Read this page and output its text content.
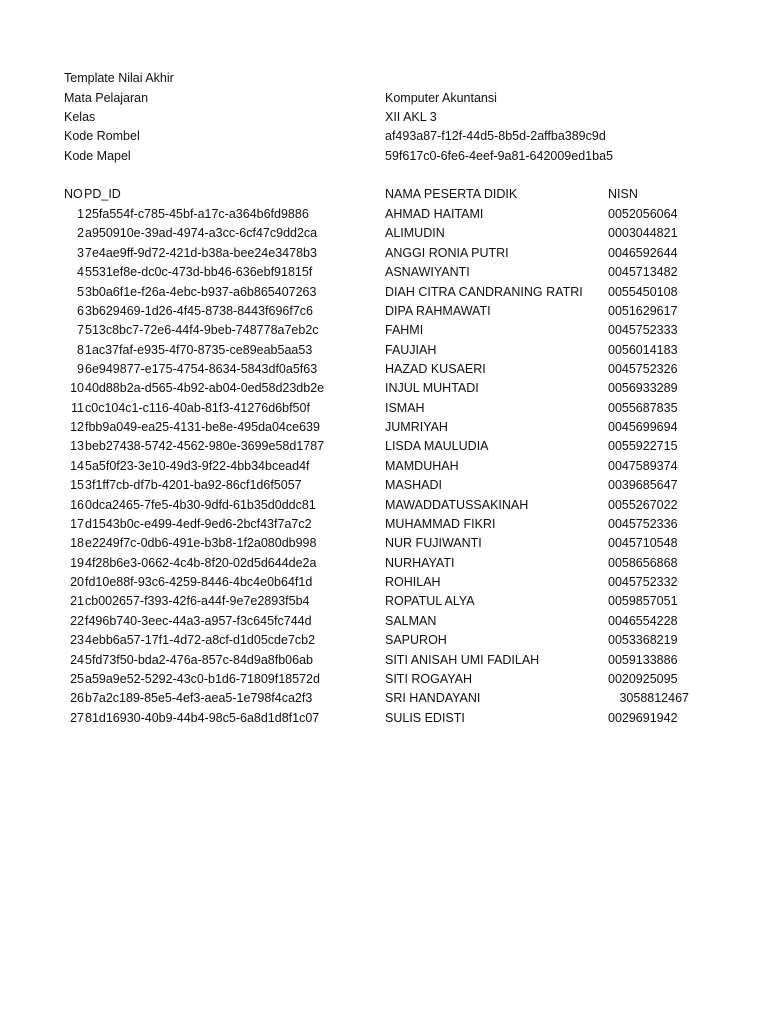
Template Nilai Akhir
Mata Pelajaran	Komputer Akuntansi
Kelas	XII AKL 3
Kode Rombel	af493a87-f12f-44d5-8b5d-2affba389c9d
Kode Mapel	59f617c0-6fe6-4eef-9a81-642009ed1ba5
NO PD_ID	NAMA PESERTA DIDIK	NISN
1 25fa554f-c785-45bf-a17c-a364b6fd9886	AHMAD HAITAMI	0052056064
2 a950910e-39ad-4974-a3cc-6cf47c9dd2ca	ALIMUDIN	0003044821
3 7e4ae9ff-9d72-421d-b38a-bee24e3478b3	ANGGI RONIA PUTRI	0046592644
4 5531ef8e-dc0c-473d-bb46-636ebf91815f	ASNAWIYANTI	0045713482
5 3b0a6f1e-f26a-4ebc-b937-a6b865407263	DIAH CITRA CANDRANING RATRI 0055450108
6 3b629469-1d26-4f45-8738-8443f696f7c6	DIPA RAHMAWATI	0051629617
7 513c8bc7-72e6-44f4-9beb-748778a7eb2c	FAHMI	0045752333
8 1ac37faf-e935-4f70-8735-ce89eab5aa53	FAUJIAH	0056014183
9 6e949877-e175-4754-8634-5843df0a5f63	HAZAD KUSAERI	0045752326
10 40d88b2a-d565-4b92-ab04-0ed58d23db2e	INJUL MUHTADI	0056933289
11 c0c104c1-c116-40ab-81f3-41276d6bf50f	ISMAH	0055687835
12 fbb9a049-ea25-4131-be8e-495da04ce639	JUMRIYAH	0045699694
13 beb27438-5742-4562-980e-3699e58d1787	LISDA MAULUDIA	0055922715
14 5a5f0f23-3e10-49d3-9f22-4bb34bcead4f	MAMDUHAH	0047589374
15 3f1ff7cb-df7b-4201-ba92-86cf1d6f5057	MASHADI	0039685647
16 0dca2465-7fe5-4b30-9dfd-61b35d0ddc81	MAWADDATUSSAKINAH	0055267022
17 d1543b0c-e499-4edf-9ed6-2bcf43f7a7c2	MUHAMMAD FIKRI	0045752336
18 e2249f7c-0db6-491e-b3b8-1f2a080db998	NUR FUJIWANTI	0045710548
19 4f28b6e3-0662-4c4b-8f20-02d5d644de2a	NURHAYATI	0058656868
20 fd10e88f-93c6-4259-8446-4bc4e0b64f1d	ROHILAH	0045752332
21 cb002657-f393-42f6-a44f-9e7e2893f5b4	ROPATUL ALYA	0059857051
22 f496b740-3eec-44a3-a957-f3c645fc744d	SALMAN	0046554228
23 4ebb6a57-17f1-4d72-a8cf-d1d05cde7cb2	SAPUROH	0053368219
24 5fd73f50-bda2-476a-857c-84d9a8fb06ab	SITI ANISAH UMI FADILAH	0059133886
25 a59a9e52-5292-43c0-b1d6-71809f18572d	SITI ROGAYAH	0020925095
26 b7a2c189-85e5-4ef3-aea5-1e798f4ca2f3	SRI HANDAYANI	3058812467
27 81d16930-40b9-44b4-98c5-6a8d1d8f1c07	SULIS EDISTI	0029691942
